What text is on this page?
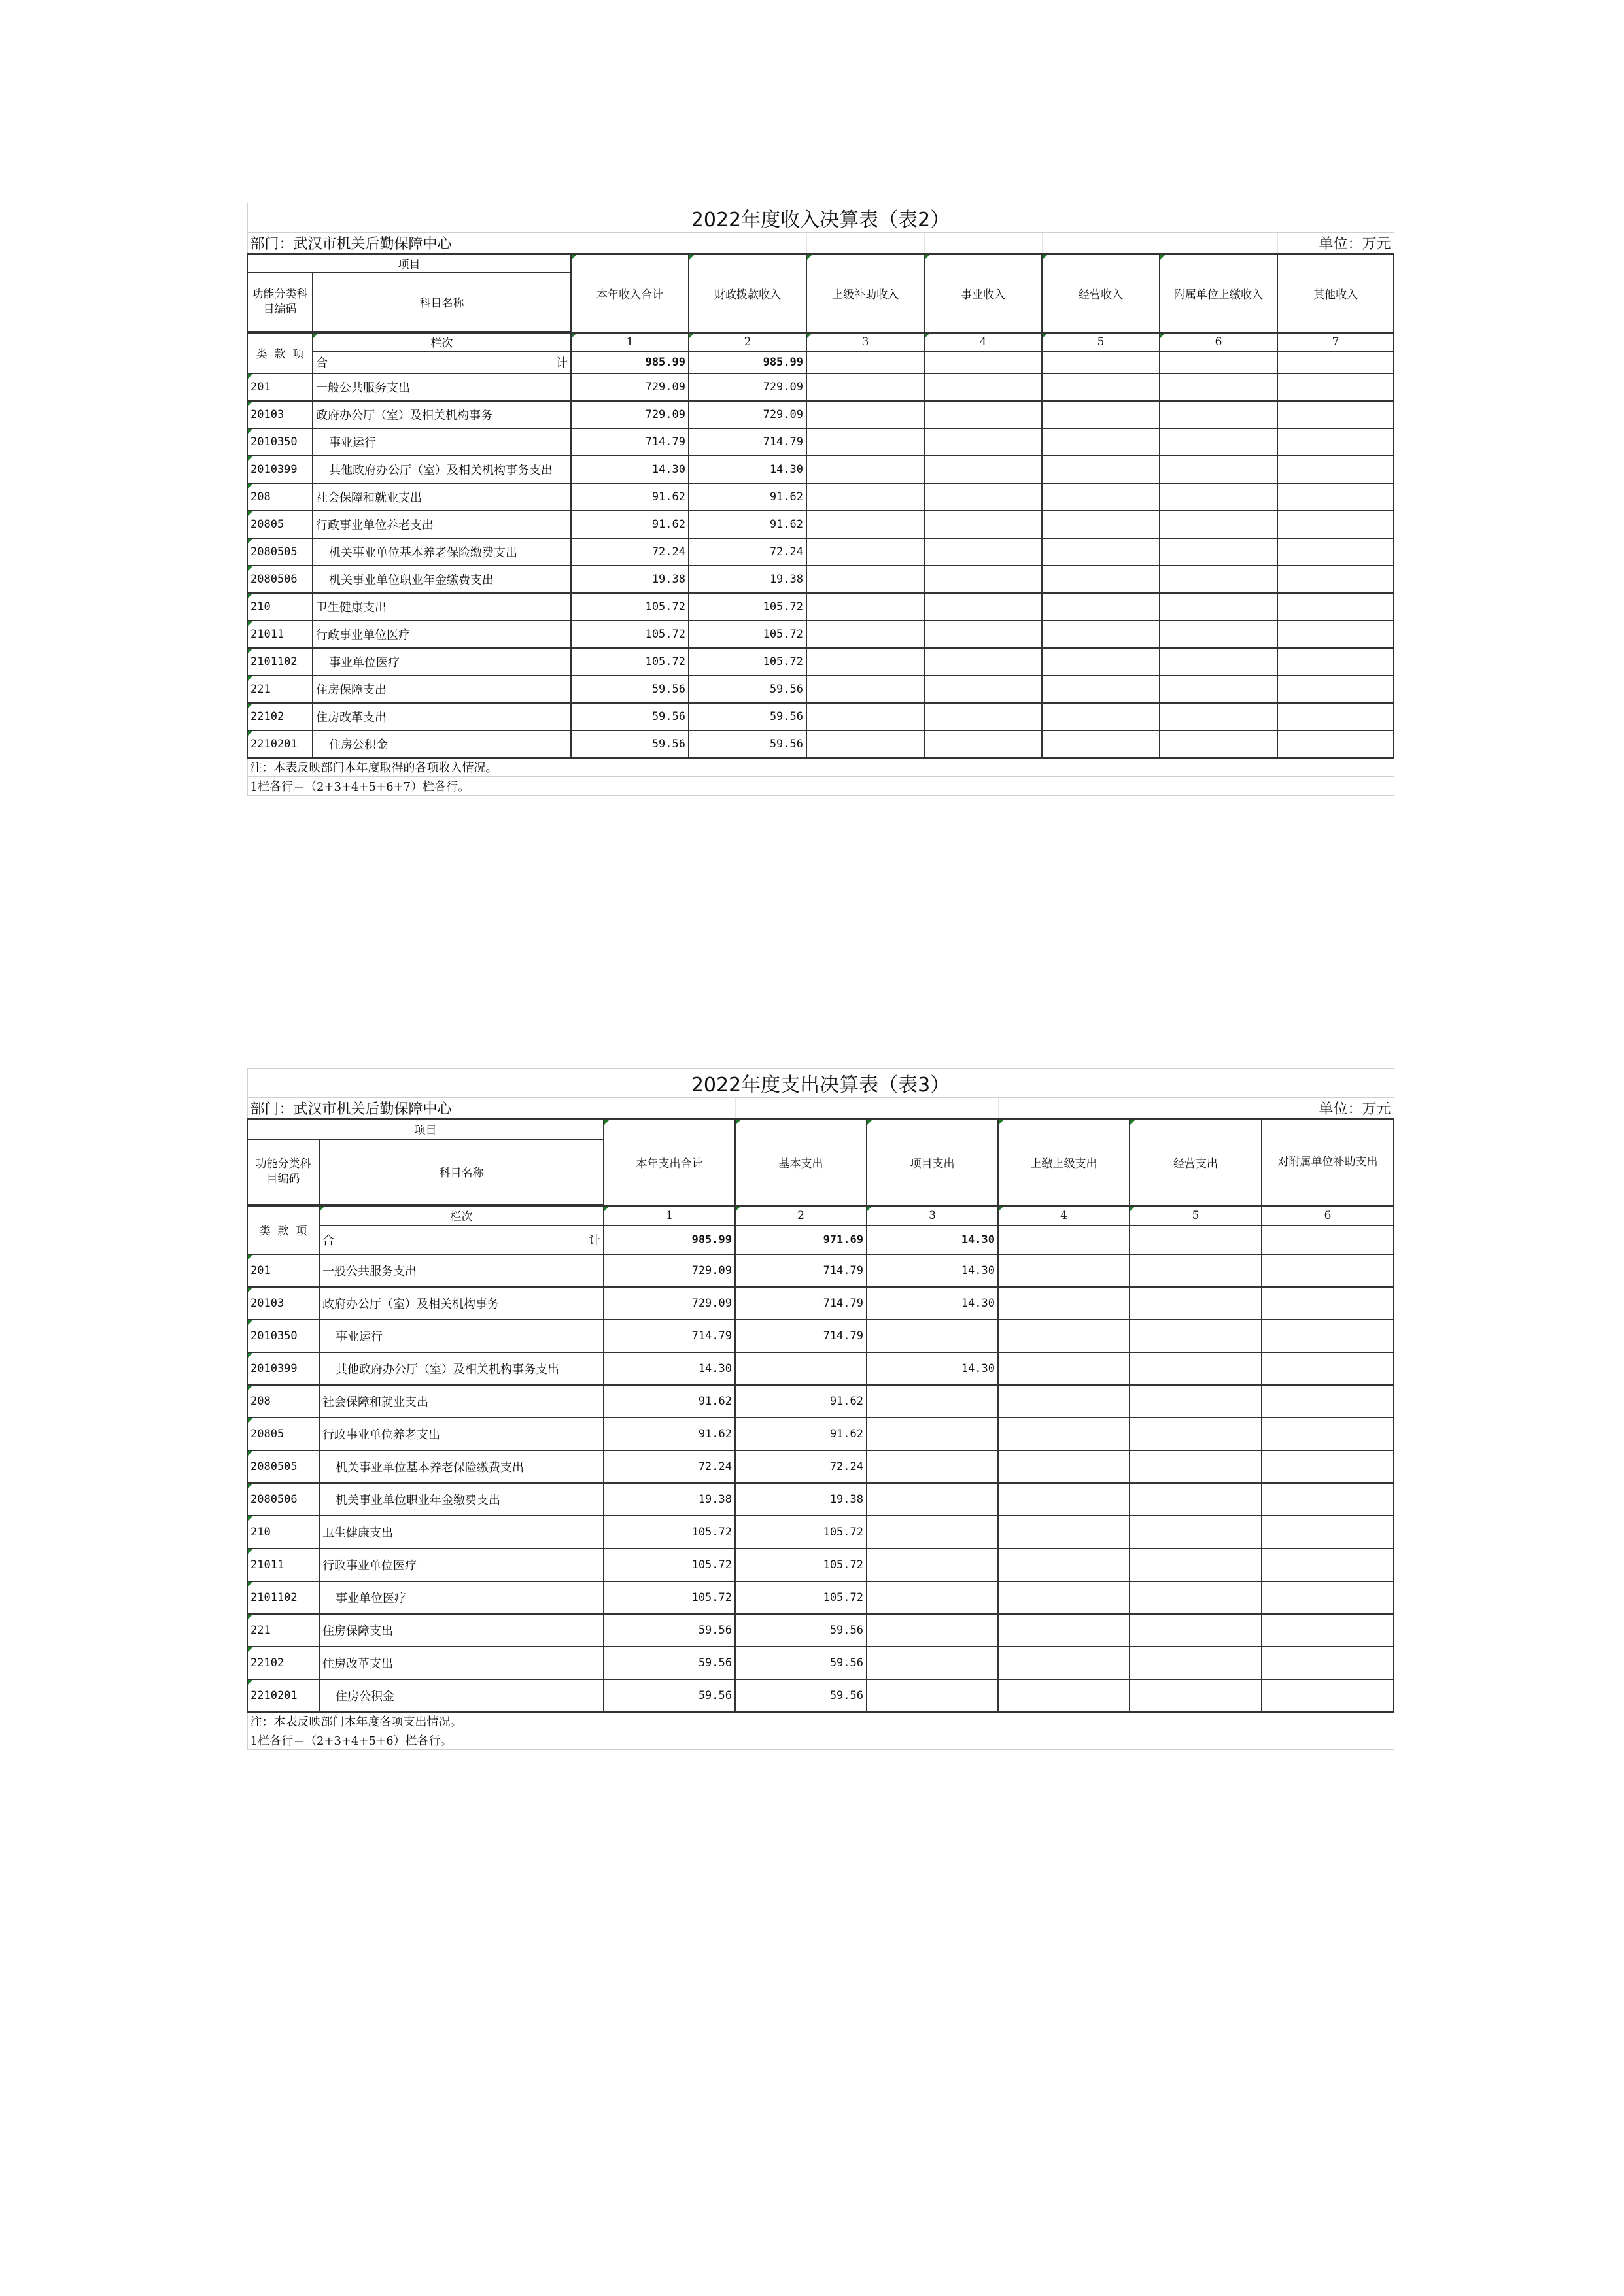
2022年度收入决算表（表2）								
部门：武汉市机关后勤保障中心								单位：万元
项目		本年收入合计	财政拨款收入	上级补助收入	事业收入	经营收入	附属单位上缴收入	其他收入
功能分类科目编码	科目名称							

类 款 项	栏次	1	2	3	4	5	6	7

	合 计	985.99	985.99					
201	一般公共服务支出	729.09	729.09					
20103	政府办公厅（室）及相关机构事务	729.09	729.09					
2010350	事业运行	714.79	714.79					
2010399	其他政府办公厅（室）及相关机构事务支出	14.30	14.30					
208	社会保障和就业支出	91.62	91.62					
20805	行政事业单位养老支出	91.62	91.62					
2080505	机关事业单位基本养老保险缴费支出	72.24	72.24					
2080506	机关事业单位职业年金缴费支出	19.38	19.38					
210	卫生健康支出	105.72	105.72					
21011	行政事业单位医疗	105.72	105.72					
2101102	事业单位医疗	105.72	105.72					
221	住房保障支出	59.56	59.56					
22102	住房改革支出	59.56	59.56					
2210201	住房公积金	59.56	59.56					
注：本表反映部门本年度取得的各项收入情况。								
1栏各行＝（2+3+4+5+6+7）栏各行。								
2022年度支出决算表（表3）							
部门：武汉市机关后勤保障中心							单位：万元
项目		本年支出合计	基本支出	项目支出	上缴上级支出	经营支出	对附属单位补助支出
功能分类科目编码	科目名称						

类 款 项	栏次	1	2	3	4	5	6

	合 计	985.99	971.69	14.30			
201	一般公共服务支出	729.09	714.79	14.30			
20103	政府办公厅（室）及相关机构事务	729.09	714.79	14.30			
2010350	事业运行	714.79	714.79				
2010399	其他政府办公厅（室）及相关机构事务支出	14.30		14.30			
208	社会保障和就业支出	91.62	91.62				
20805	行政事业单位养老支出	91.62	91.62				
2080505	机关事业单位基本养老保险缴费支出	72.24	72.24				
2080506	机关事业单位职业年金缴费支出	19.38	19.38				
210	卫生健康支出	105.72	105.72				
21011	行政事业单位医疗	105.72	105.72				
2101102	事业单位医疗	105.72	105.72				
221	住房保障支出	59.56	59.56				
22102	住房改革支出	59.56	59.56				
2210201	住房公积金	59.56	59.56				
注：本表反映部门本年度各项支出情况。							
1栏各行＝（2+3+4+5+6）栏各行。							
